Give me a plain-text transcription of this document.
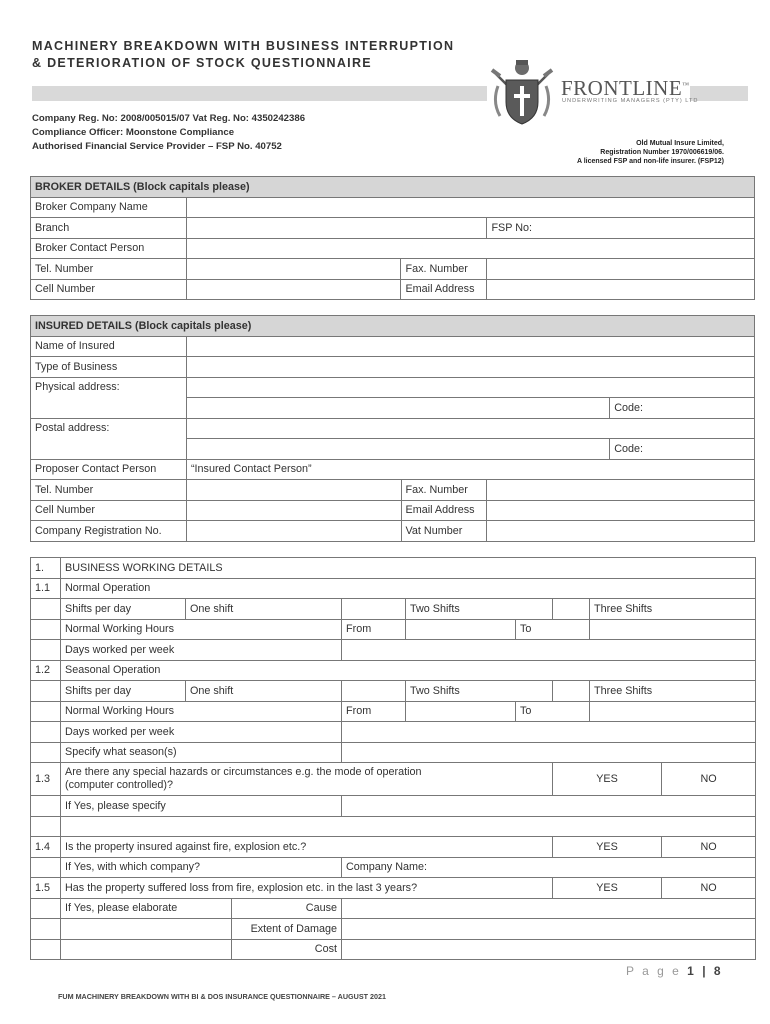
MACHINERY BREAKDOWN WITH BUSINESS INTERRUPTION
& DETERIORATION OF STOCK QUESTIONNAIRE
FRONTLINE™
UNDERWRITING MANAGERS (PTY) LTD
Company Reg. No: 2008/005015/07 Vat Reg. No: 4350242386
Compliance Officer: Moonstone Compliance
Authorised Financial Service Provider – FSP No. 40752	Old Mutual Insure Limited,
Registration Number 1970/006619/06.
A licensed FSP and non-life insurer. (FSP12)
BROKER DETAILS (Block capitals please)			
Broker Company Name			
Branch			FSP No:
Broker Contact Person			
Tel. Number		Fax. Number	
Cell Number		Email Address	
INSURED DETAILS (Block capitals please)				
Name of Insured				
Type of Business				
Physical address:				
				Code:
Postal address:				
				Code:
Proposer Contact Person	“Insured Contact Person”			
Tel. Number		Fax. Number		
Cell Number		Email Address		
Company Registration No.		Vat Number		
1.	BUSINESS WORKING DETAILS								
1.1	Normal Operation								
	Shifts per day	One shift			Two Shifts			Three Shifts	
	Normal Working Hours			From		To			
	Days worked per week								
1.2	Seasonal Operation								
	Shifts per day	One shift			Two Shifts			Three Shifts	
	Normal Working Hours			From		To			
	Days worked per week								
	Specify what season(s)								
1.3	Are there any special hazards or circumstances e.g. the mode of operation
(computer controlled)?						YES		NO
	If Yes, please specify								

1.4	Is the property insured against fire, explosion etc.?						YES		NO
	If Yes, with which company?			Company Name:					
1.5	Has the property suffered loss from fire, explosion etc. in the last 3 years?						YES		NO
	If Yes, please elaborate		Cause						
			Extent of Damage						
			Cost						
P a g e 1 | 8
FUM MACHINERY BREAKDOWN WITH BI & DOS INSURANCE QUESTIONNAIRE – AUGUST 2021
